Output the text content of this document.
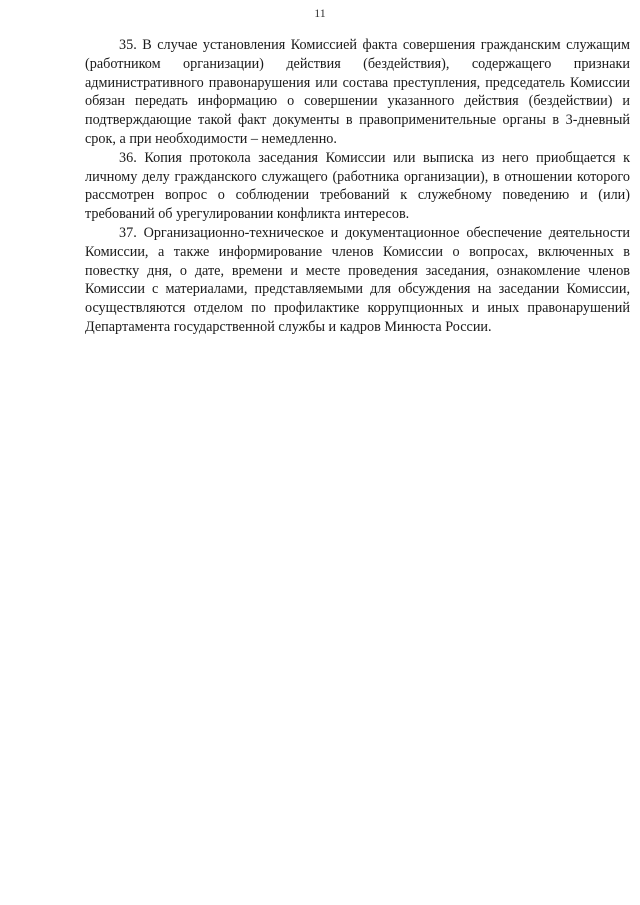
11

35. В случае установления Комиссией факта совершения гражданским служащим (работником организации) действия (бездействия), содержащего признаки административного правонарушения или состава преступления, председатель Комиссии обязан передать информацию о совершении указанного действия (бездействии) и подтверждающие такой факт документы в правоприменительные органы в 3-дневный срок, а при необходимости – немедленно.

36. Копия протокола заседания Комиссии или выписка из него приобщается к личному делу гражданского служащего (работника организации), в отношении которого рассмотрен вопрос о соблюдении требований к служебному поведению и (или) требований об урегулировании конфликта интересов.

37. Организационно-техническое и документационное обеспечение деятельности Комиссии, а также информирование членов Комиссии о вопросах, включенных в повестку дня, о дате, времени и месте проведения заседания, ознакомление членов Комиссии с материалами, представляемыми для обсуждения на заседании Комиссии, осуществляются отделом по профилактике коррупционных и иных правонарушений Департамента государственной службы и кадров Минюста России.
